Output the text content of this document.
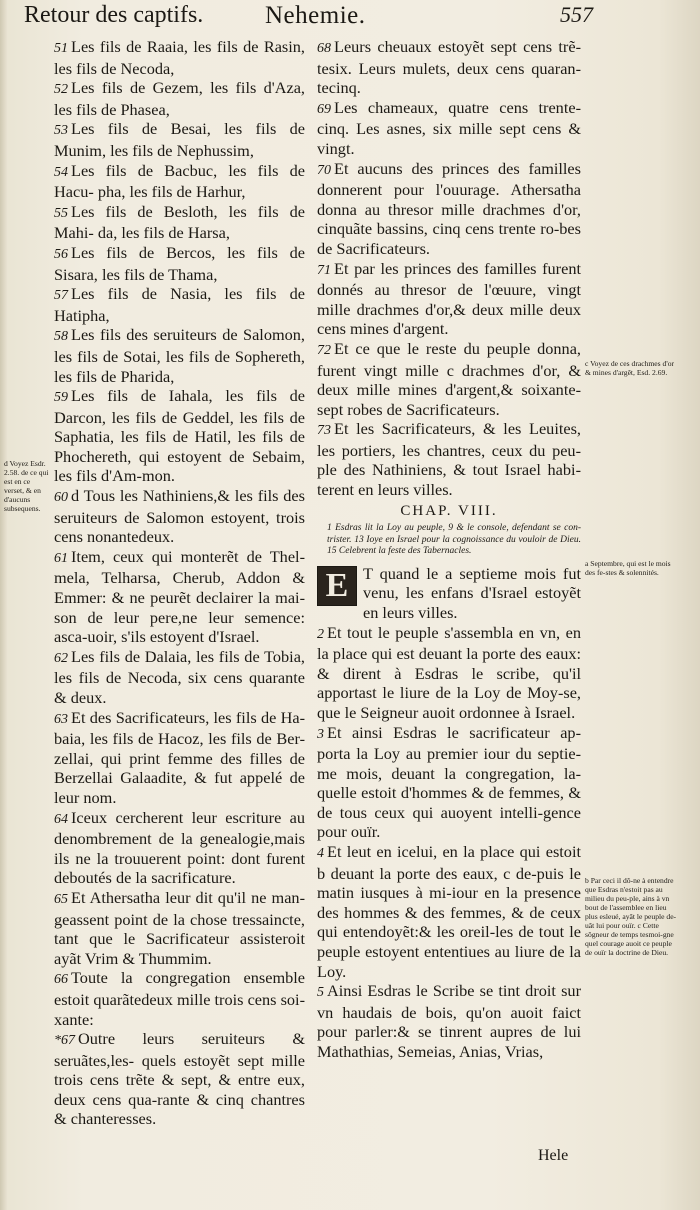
Retour des captifs. Nehemie.	557

51 Les fils de Raaia, les fils de Rasin, les fils de Necoda,

52 Les fils de Gezem, les fils d'Aza, les fils de Phasea,

53 Les fils de Besai, les fils de Munim, les fils de Nephussim,

54 Les fils de Bacbuc, les fils de Hacu- pha, les fils de Harhur,

55 Les fils de Besloth, les fils de Mahi- da, les fils de Harsa,

56 Les fils de Bercos, les fils de Sisara, les fils de Thama,

57 Les fils de Nasia, les fils de Hatipha,

58 Les fils des seruiteurs de Salomon, les fils de Sotai, les fils de Sophereth, les fils de Pharida,

59 Les fils de Iahala, les fils de Darcon, les fils de Geddel, les fils de Saphatia, les fils de Hatil, les fils de Phochereth, qui estoyent de Sebaim, les fils d'Am-mon.

60 d Tous les Nathiniens,& les fils des seruiteurs de Salomon estoyent, trois cens nonantedeux.

61 Item, ceux qui monterẽt de Thel- mela, Telharsa, Cherub, Addon & Emmer: & ne peurẽt declairer la mai-son de leur pere,ne leur semence: asca-uoir, s'ils estoyent d'Israel.

62 Les fils de Dalaia, les fils de Tobia, les fils de Necoda, six cens quarante & deux.

63 Et des Sacrificateurs, les fils de Ha- baia, les fils de Hacoz, les fils de Ber-zellai, qui print femme des filles de Berzellai Galaadite, & fut appelé de leur nom.

64 Iceux cercherent leur escriture au denombrement de la genealogie,mais ils ne la trouuerent point: dont furent deboutés de la sacrificature.

65 Et Athersatha leur dit qu'il ne man- geassent point de la chose tressaincte, tant que le Sacrificateur assisteroit ayãt Vrim & Thummim.

66 Toute la congregation ensemble estoit quarãtedeux mille trois cens soi-xante:

*67 Outre leurs seruiteurs & seruãtes,les- quels estoyẽt sept mille trois cens trẽte & sept, & entre eux, deux cens qua-rante & cinq chantres & chanteresses.

68 Leurs cheuaux estoyẽt sept cens trẽ- tesix. Leurs mulets, deux cens quaran-tecinq.

69 Les chameaux, quatre cens trente- cinq. Les asnes, six mille sept cens & vingt.

70 Et aucuns des princes des familles donnerent pour l'ouurage. Athersatha donna au thresor mille drachmes d'or, cinquãte bassins, cinq cens trente ro-bes de Sacrificateurs.

71 Et par les princes des familles furent donnés au thresor de l'œuure, vingt mille drachmes d'or,& deux mille deux cens mines d'argent.

72 Et ce que le reste du peuple donna, furent vingt mille c drachmes d'or, & deux mille mines d'argent,& soixante-sept robes de Sacrificateurs.

73 Et les Sacrificateurs, & les Leuites, les portiers, les chantres, ceux du peu-ple des Nathiniens, & tout Israel habi-terent en leurs villes.

CHAP. VIII.
1 Esdras lit la Loy au peuple, 9 & le console, defendant se con-trister. 13 Ioye en Israel pour la cognoissance du vouloir de Dieu. 15 Celebrent la feste des Tabernacles.

E T quand le a septieme mois fut venu, les enfans d'Israel estoyẽt en leurs villes.

2 Et tout le peuple s'assembla en vn, en la place qui est deuant la porte des eaux: & dirent à Esdras le scribe, qu'il apportast le liure de la Loy de Moy-se, que le Seigneur auoit ordonnee à Israel.

3 Et ainsi Esdras le sacrificateur ap- porta la Loy au premier iour du septie-me mois, deuant la congregation, la-quelle estoit d'hommes & de femmes, & de tous ceux qui auoyent intelli-gence pour ouïr.

4 Et leut en icelui, en la place qui estoit b deuant la porte des eaux, c de-puis le matin iusques à mi-iour en la presence des hommes & des femmes, & de ceux qui entendoyẽt:& les oreil-les de tout le peuple estoyent ententiues au liure de la Loy.

5 Ainsi Esdras le Scribe se tint droit sur vn haudais de bois, qu'on auoit faict pour parler:& se tinrent aupres de lui Mathathias, Semeias, Anias, Vrias,

d Voyez Esdr. 2.58. de ce qui est en ce verset, & en d'aucuns subsequens.
c Voyez de ces drachmes d'or & mines d'argẽt, Esd. 2.69.
a Septembre, qui est le mois des fe-stes & solennités.
b Par ceci il dõ-ne à entendre que Esdras n'estoit pas au milieu du peu-ple, ains à vn bout de l'assemblee en lieu plus esleué, ayãt le peuple de-uãt lui pour ouïr. c Cette sõgneur de temps tesmoi-gne quel courage auoit ce peuple de ouïr la doctrine de Dieu.
Hele
